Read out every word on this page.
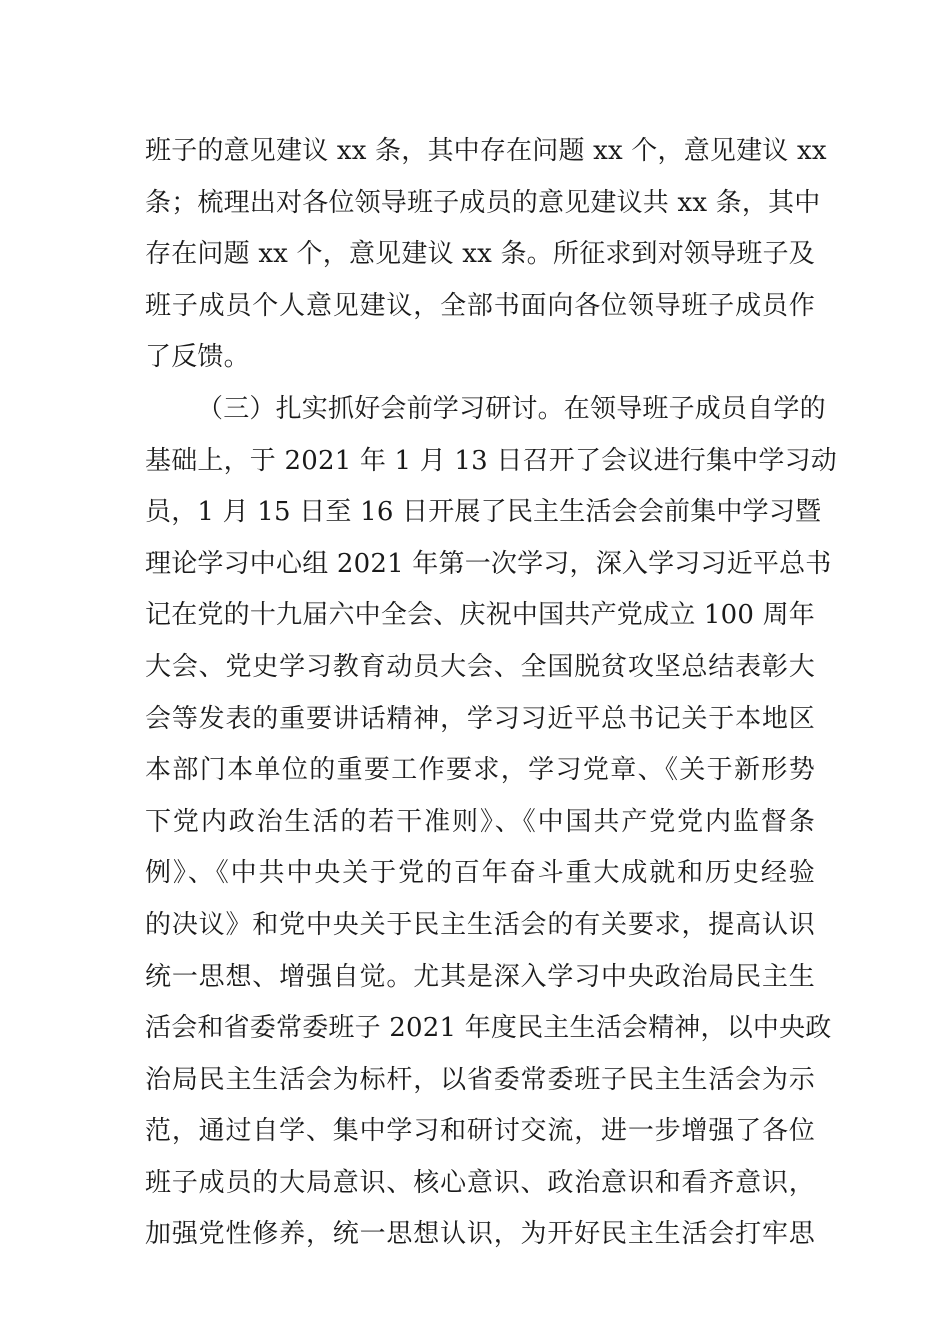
班子的意见建议 xx 条，其中存在问题 xx 个，意见建议 xx
条；梳理出对各位领导班子成员的意见建议共 xx 条，其中
存在问题 xx 个，意见建议 xx 条。所征求到对领导班子及
班子成员个人意见建议，全部书面向各位领导班子成员作
了反馈。
（三）扎实抓好会前学习研讨。在领导班子成员自学的
基础上，于 2021 年 1 月 13 日召开了会议进行集中学习动
员，1 月 15 日至 16 日开展了民主生活会会前集中学习暨
理论学习中心组 2021 年第一次学习，深入学习习近平总书
记在党的十九届六中全会、庆祝中国共产党成立 100 周年
大会、党史学习教育动员大会、全国脱贫攻坚总结表彰大
会等发表的重要讲话精神，学习习近平总书记关于本地区
本部门本单位的重要工作要求，学习党章、《关于新形势
下党内政治生活的若干准则》、《中国共产党党内监督条
例》、《中共中央关于党的百年奋斗重大成就和历史经验
的决议》和党中央关于民主生活会的有关要求，提高认识
统一思想、增强自觉。尤其是深入学习中央政治局民主生
活会和省委常委班子 2021 年度民主生活会精神，以中央政
治局民主生活会为标杆，以省委常委班子民主生活会为示
范，通过自学、集中学习和研讨交流，进一步增强了各位
班子成员的大局意识、核心意识、政治意识和看齐意识，
加强党性修养，统一思想认识，为开好民主生活会打牢思
